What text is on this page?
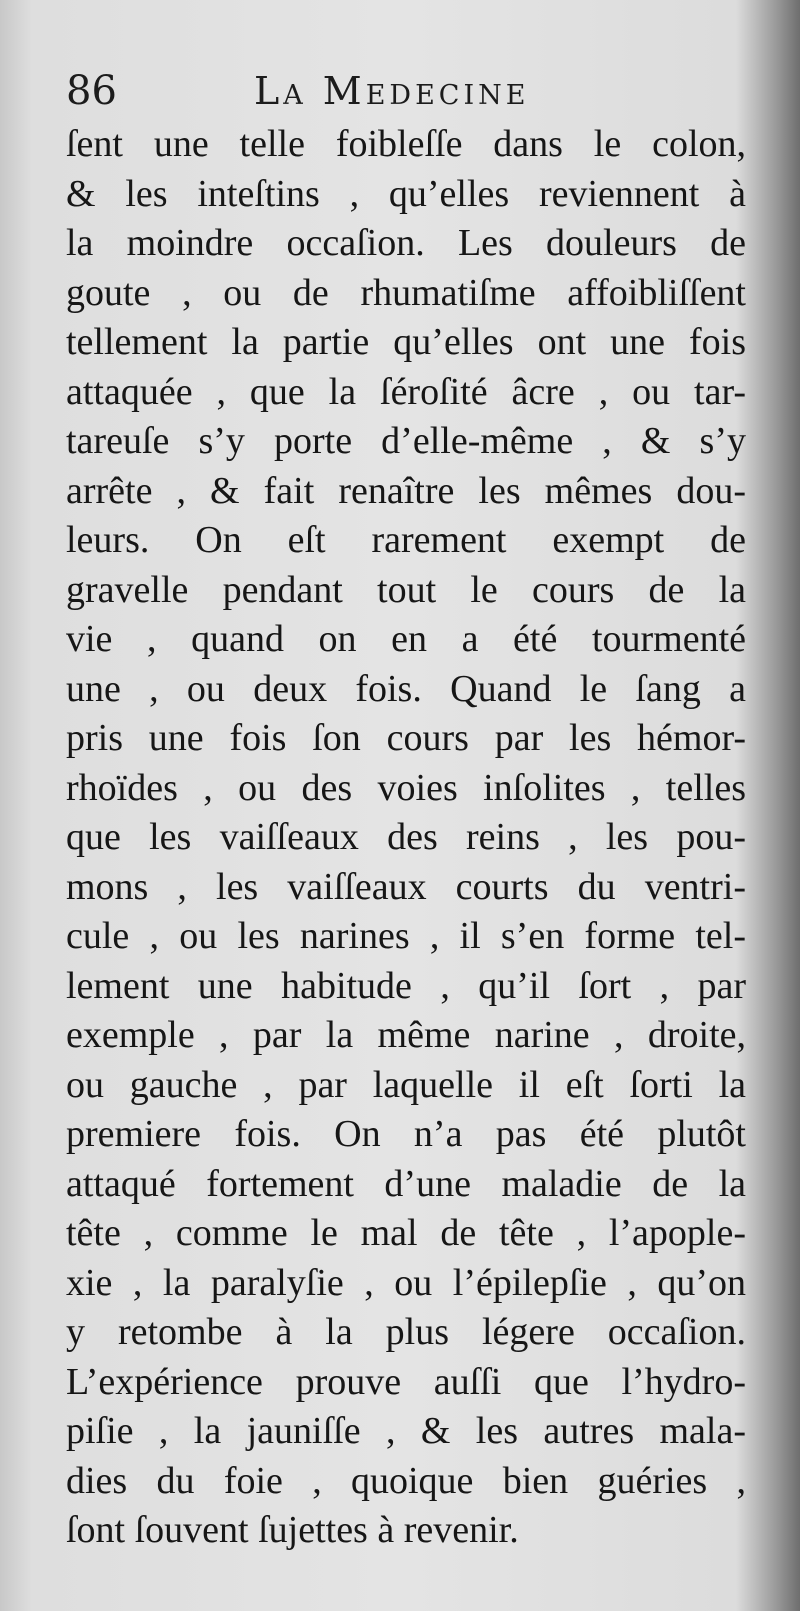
86	La Medecine
ſent une telle foibleſſe dans le colon,
& les inteſtins , qu’elles reviennent à
la moindre occaſion. Les douleurs de
goute , ou de rhumatiſme affoibliſſent
tellement la partie qu’elles ont une fois
attaquée , que la ſéroſité âcre , ou tar-
tareuſe s’y porte d’elle-même , & s’y
arrête , & fait renaître les mêmes dou-
leurs. On eſt rarement exempt de
gravelle pendant tout le cours de la
vie , quand on en a été tourmenté
une , ou deux fois. Quand le ſang a
pris une fois ſon cours par les hémor-
rhoïdes , ou des voies inſolites , telles
que les vaiſſeaux des reins , les pou-
mons , les vaiſſeaux courts du ventri-
cule , ou les narines , il s’en forme tel-
lement une habitude , qu’il ſort , par
exemple , par la même narine , droite,
ou gauche , par laquelle il eſt ſorti la
premiere fois. On n’a pas été plutôt
attaqué fortement d’une maladie de la
tête , comme le mal de tête , l’apople-
xie , la paralyſie , ou l’épilepſie , qu’on
y retombe à la plus légere occaſion.
L’expérience prouve auſſi que l’hydro-
piſie , la jauniſſe , & les autres mala-
dies du foie , quoique bien guéries ,
ſont ſouvent ſujettes à revenir.
